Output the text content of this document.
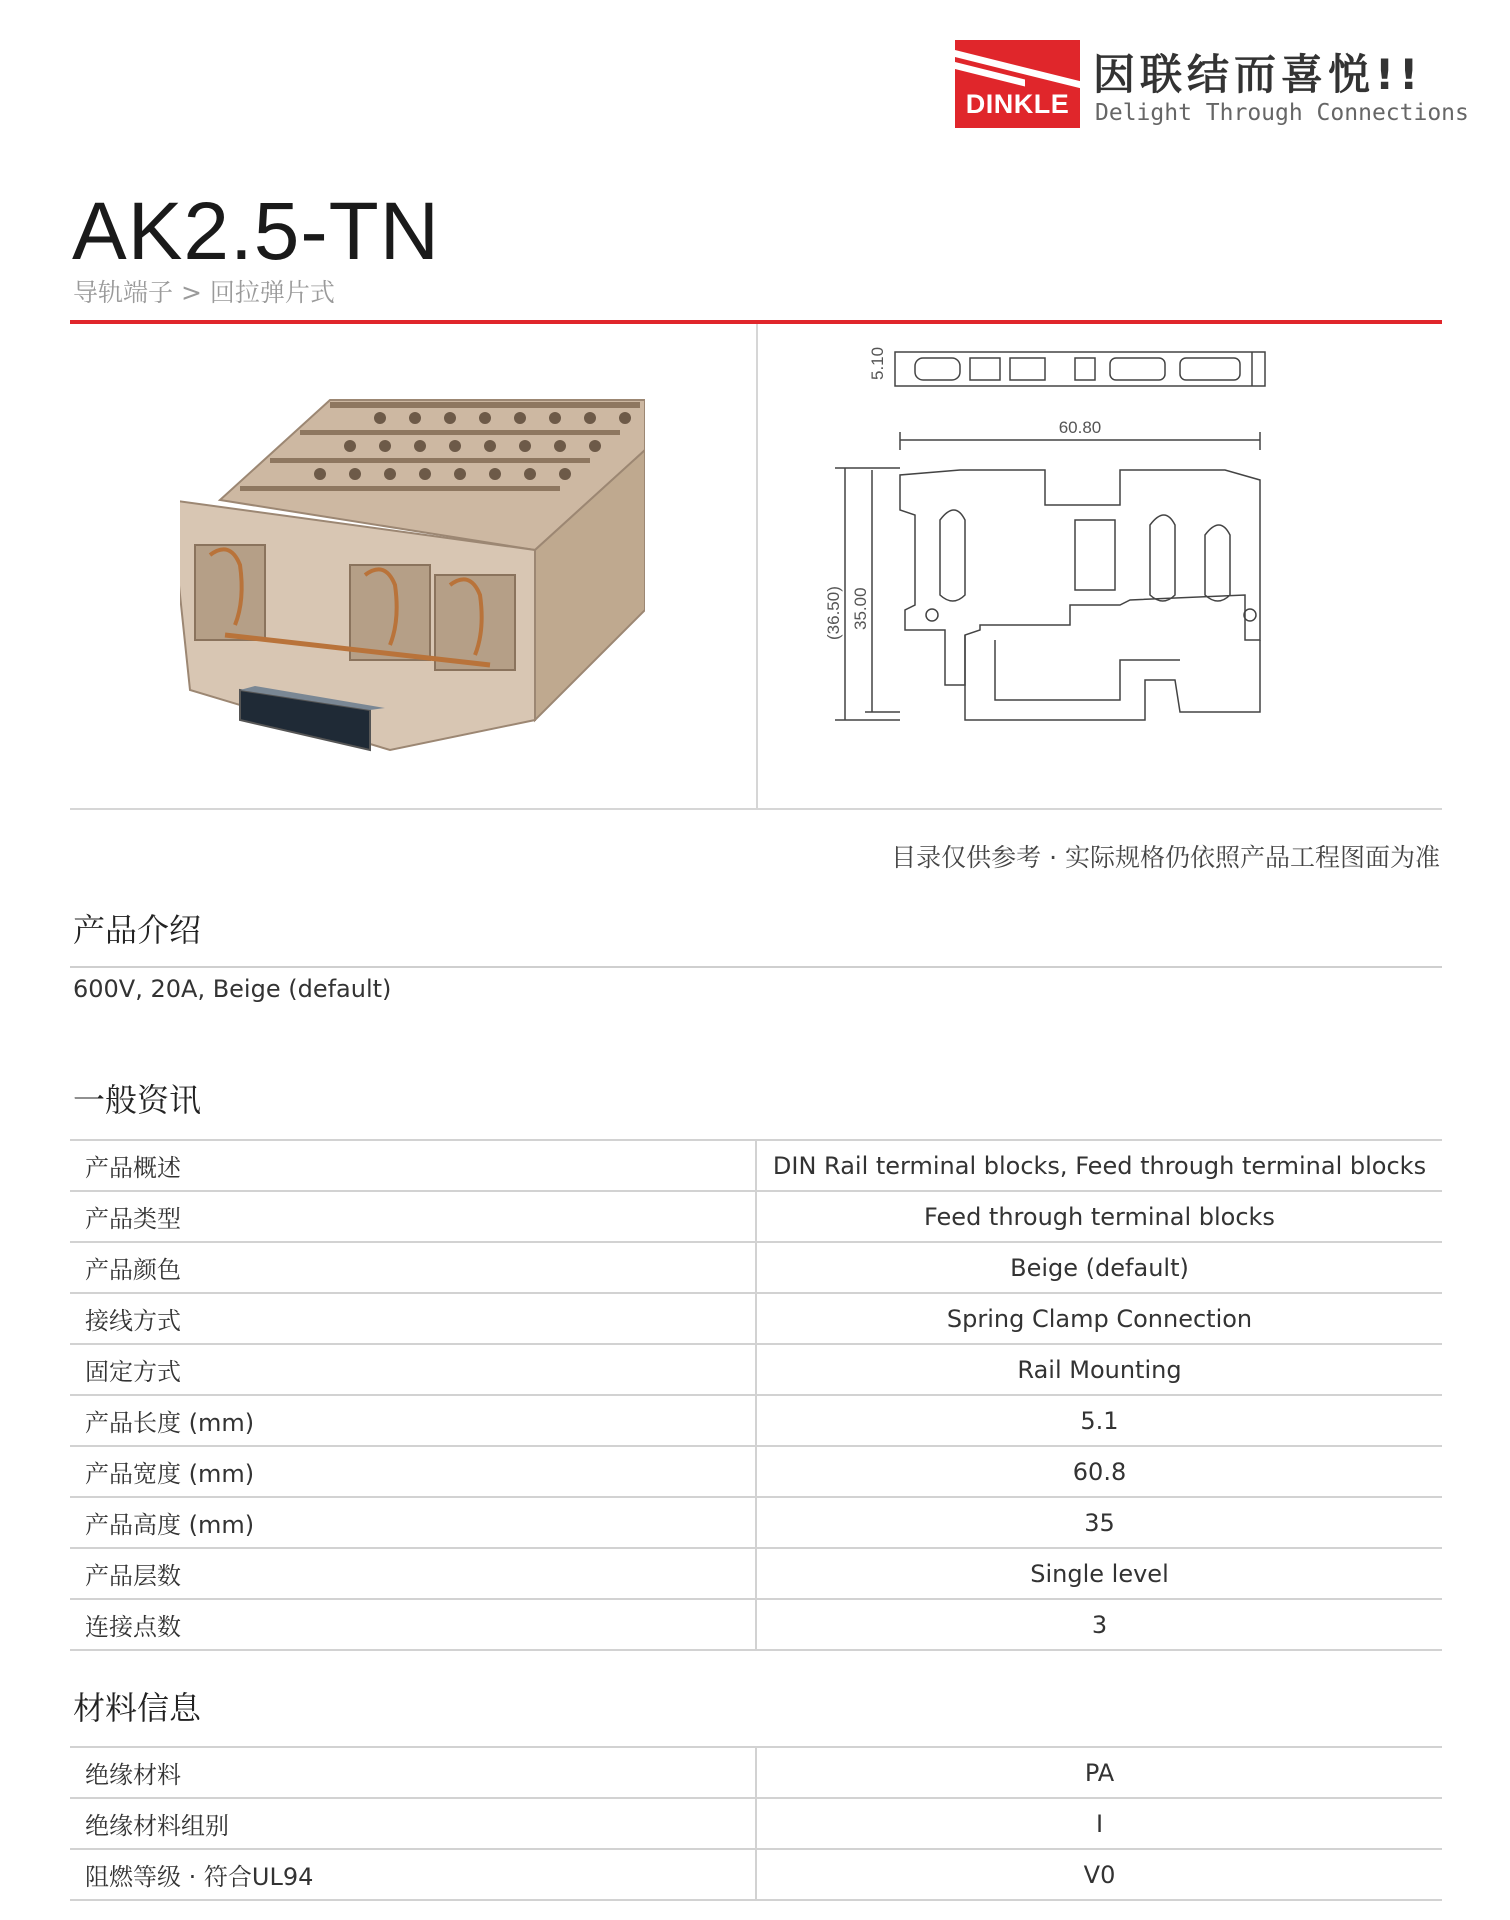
DINKLE
因联结而喜悦!!
Delight Through Connections
AK2.5-TN
导轨端子 > 回拉弹片式
60.80
5.10
35.00
(36.50)
目录仅供参考 · 实际规格仍依照产品工程图面为准
产品介绍
600V, 20A, Beige (default)
一般资讯
产品概述	DIN Rail terminal blocks, Feed through terminal blocks
产品类型	Feed through terminal blocks
产品颜色	Beige (default)
接线方式	Spring Clamp Connection
固定方式	Rail Mounting
产品长度 (mm)	5.1
产品宽度 (mm)	60.8
产品高度 (mm)	35
产品层数	Single level
连接点数	3
材料信息
绝缘材料	PA
绝缘材料组别	I
阻燃等级 · 符合UL94	V0
